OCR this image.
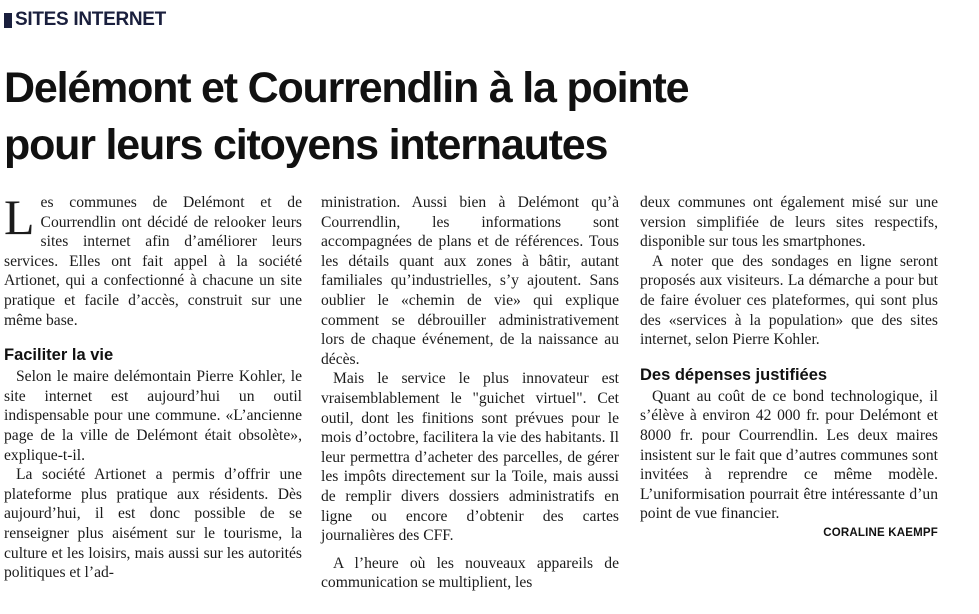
SITES INTERNET
Delémont et Courrendlin à la pointe
pour leurs citoyens internautes

Les communes de Delémont et de Courrendlin ont décidé de relooker leurs sites internet afin d’améliorer leurs services. Elles ont fait appel à la société Artionet, qui a confectionné à chacune un site pratique et facile d’accès, construit sur une même base.

Faciliter la vie

Selon le maire delémontain Pierre Kohler, le site internet est aujourd’hui un outil indispensable pour une commune. «L’ancienne page de la ville de Delémont était obsolète», explique-t-il.

La société Artionet a permis d’offrir une plateforme plus pratique aux résidents. Dès aujourd’hui, il est donc possible de se renseigner plus aisément sur le tourisme, la culture et les loisirs, mais aussi sur les autorités politiques et l’ad-

ministration. Aussi bien à Delémont qu’à Courrendlin, les informations sont accompagnées de plans et de références. Tous les détails quant aux zones à bâtir, autant familiales qu’industrielles, s’y ajoutent. Sans oublier le «chemin de vie» qui explique comment se débrouiller administrativement lors de chaque événement, de la naissance au décès.

Mais le service le plus innovateur est vraisemblablement le "guichet virtuel". Cet outil, dont les finitions sont prévues pour le mois d’octobre, facilitera la vie des habitants. Il leur permettra d’acheter des parcelles, de gérer les impôts directement sur la Toile, mais aussi de remplir divers dossiers administratifs en ligne ou encore d’obtenir des cartes journalières des CFF.

A l’heure où les nouveaux appareils de communication se multiplient, les

deux communes ont également misé sur une version simplifiée de leurs sites respectifs, disponible sur tous les smartphones.

A noter que des sondages en ligne seront proposés aux visiteurs. La démarche a pour but de faire évoluer ces plateformes, qui sont plus des «services à la population» que des sites internet, selon Pierre Kohler.

Des dépenses justifiées

Quant au coût de ce bond technologique, il s’élève à environ 42 000 fr. pour Delémont et 8000 fr. pour Courrendlin. Les deux maires insistent sur le fait que d’autres communes sont invitées à reprendre ce même modèle. L’uniformisation pourrait être intéressante d’un point de vue financier.

CORALINE KAEMPF
